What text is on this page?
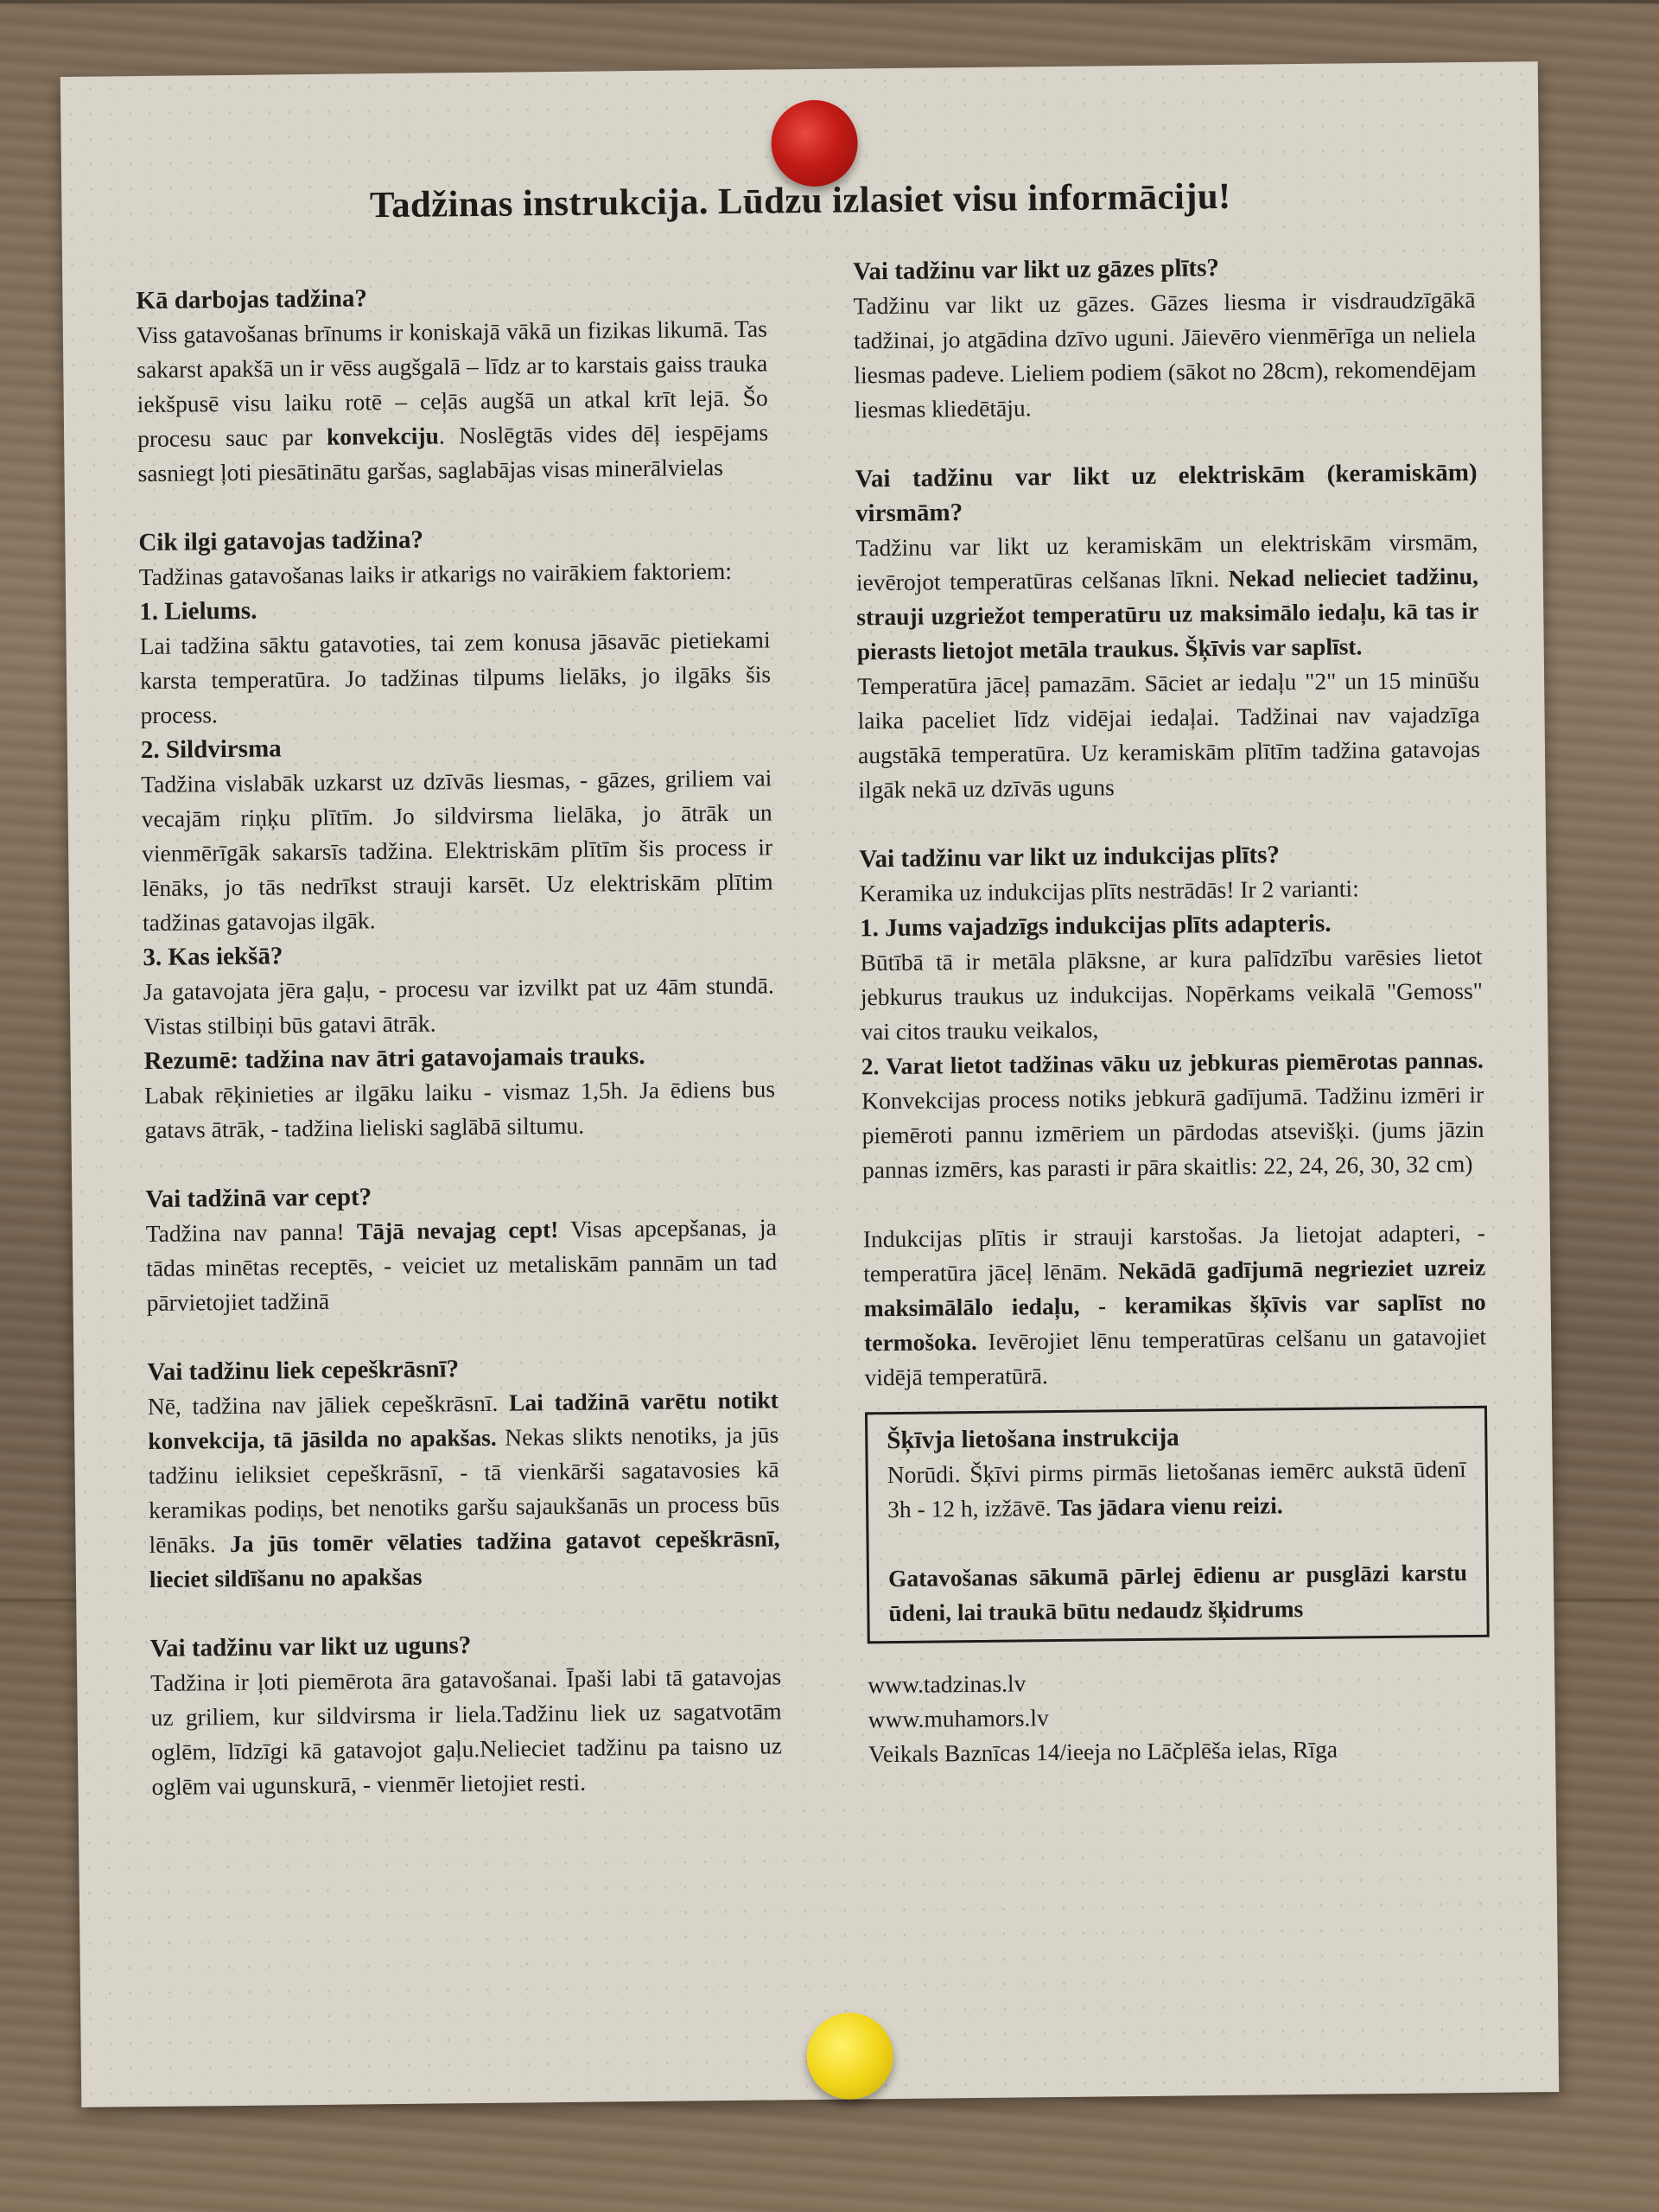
Tadžinas instrukcija. Lūdzu izlasiet visu informāciju!

Kā darbojas tadžina?

Viss gatavošanas brīnums ir koniskajā vākā un fizikas likumā. Tas sakarst apakšā un ir vēss augšgalā – līdz ar to karstais gaiss trauka iekšpusē visu laiku rotē – ceļās augšā un atkal krīt lejā. Šo procesu sauc par konvekciju. Noslēgtās vides dēļ iespējams sasniegt ļoti piesātinātu garšas, saglabājas visas minerālvielas

Cik ilgi gatavojas tadžina?

Tadžinas gatavošanas laiks ir atkarigs no vairākiem faktoriem:

1. Lielums.

Lai tadžina sāktu gatavoties, tai zem konusa jāsavāc pietiekami karsta temperatūra. Jo tadžinas tilpums lielāks, jo ilgāks šis process.

2. Sildvirsma

Tadžina vislabāk uzkarst uz dzīvās liesmas, - gāzes, griliem vai vecajām riņķu plītīm. Jo sildvirsma lielāka, jo ātrāk un vienmērīgāk sakarsīs tadžina. Elektriskām plītīm šis process ir lēnāks, jo tās nedrīkst strauji karsēt. Uz elektriskām plītim tadžinas gatavojas ilgāk.

3. Kas iekšā?

Ja gatavojata jēra gaļu, - procesu var izvilkt pat uz 4ām stundā. Vistas stilbiņi būs gatavi ātrāk.

Rezumē: tadžina nav ātri gatavojamais trauks.

Labak rēķinieties ar ilgāku laiku - vismaz 1,5h. Ja ēdiens bus gatavs ātrāk, - tadžina lieliski saglābā siltumu.

Vai tadžinā var cept?

Tadžina nav panna! Tājā nevajag cept! Visas apcepšanas, ja tādas minētas receptēs, - veiciet uz metaliskām pannām un tad pārvietojiet tadžinā

Vai tadžinu liek cepeškrāsnī?

Nē, tadžina nav jāliek cepeškrāsnī. Lai tadžinā varētu notikt konvekcija, tā jāsilda no apakšas. Nekas slikts nenotiks, ja jūs tadžinu ieliksiet cepeškrāsnī, - tā vienkārši sagatavosies kā keramikas podiņs, bet nenotiks garšu sajaukšanās un process būs lēnāks. Ja jūs tomēr vēlaties tadžina gatavot cepeškrāsnī, lieciet sildīšanu no apakšas

Vai tadžinu var likt uz uguns?

Tadžina ir ļoti piemērota āra gatavošanai. Īpaši labi tā gatavojas uz griliem, kur sildvirsma ir liela.Tadžinu liek uz sagatvotām oglēm, līdzīgi kā gatavojot gaļu.Nelieciet tadžinu pa taisno uz oglēm vai ugunskurā, - vienmēr lietojiet resti.

Vai tadžinu var likt uz gāzes plīts?

Tadžinu var likt uz gāzes. Gāzes liesma ir visdraudzīgākā tadžinai, jo atgādina dzīvo uguni. Jāievēro vienmērīga un neliela liesmas padeve. Lieliem podiem (sākot no 28cm), rekomendējam liesmas kliedētāju.

Vai tadžinu var likt uz elektriskām (keramiskām) virsmām?

Tadžinu var likt uz keramiskām un elektriskām virsmām, ievērojot temperatūras celšanas līkni. Nekad nelieciet tadžinu, strauji uzgriežot temperatūru uz maksimālo iedaļu, kā tas ir pierasts lietojot metāla traukus. Šķīvis var saplīst.

Temperatūra jāceļ pamazām. Sāciet ar iedaļu "2" un 15 minūšu laika paceliet līdz vidējai iedaļai. Tadžinai nav vajadzīga augstākā temperatūra. Uz keramiskām plītīm tadžina gatavojas ilgāk nekā uz dzīvās uguns

Vai tadžinu var likt uz indukcijas plīts?

Keramika uz indukcijas plīts nestrādās! Ir 2 varianti:

1. Jums vajadzīgs indukcijas plīts adapteris.

Būtībā tā ir metāla plāksne, ar kura palīdzību varēsies lietot jebkurus traukus uz indukcijas. Nopērkams veikalā "Gemoss" vai citos trauku veikalos,

2. Varat lietot tadžinas vāku uz jebkuras piemērotas pannas. Konvekcijas process notiks jebkurā gadījumā. Tadžinu izmēri ir piemēroti pannu izmēriem un pārdodas atsevišķi. (jums jāzin pannas izmērs, kas parasti ir pāra skaitlis: 22, 24, 26, 30, 32 cm)

Indukcijas plītis ir strauji karstošas. Ja lietojat adapteri, - temperatūra jāceļ lēnām. Nekādā gadījumā negrieziet uzreiz maksimālālo iedaļu, - keramikas šķīvis var saplīst no termošoka. Ievērojiet lēnu temperatūras celšanu un gatavojiet vidējā temperatūrā.

Šķīvja lietošana instrukcija

Norūdi. Šķīvi pirms pirmās lietošanas iemērc aukstā ūdenī 3h - 12 h, izžāvē. Tas jādara vienu reizi.

Gatavošanas sākumā pārlej ēdienu ar pusglāzi karstu ūdeni, lai traukā būtu nedaudz šķidrums

www.tadzinas.lv

www.muhamors.lv

Veikals Baznīcas 14/ieeja no Lāčplēša ielas, Rīga
